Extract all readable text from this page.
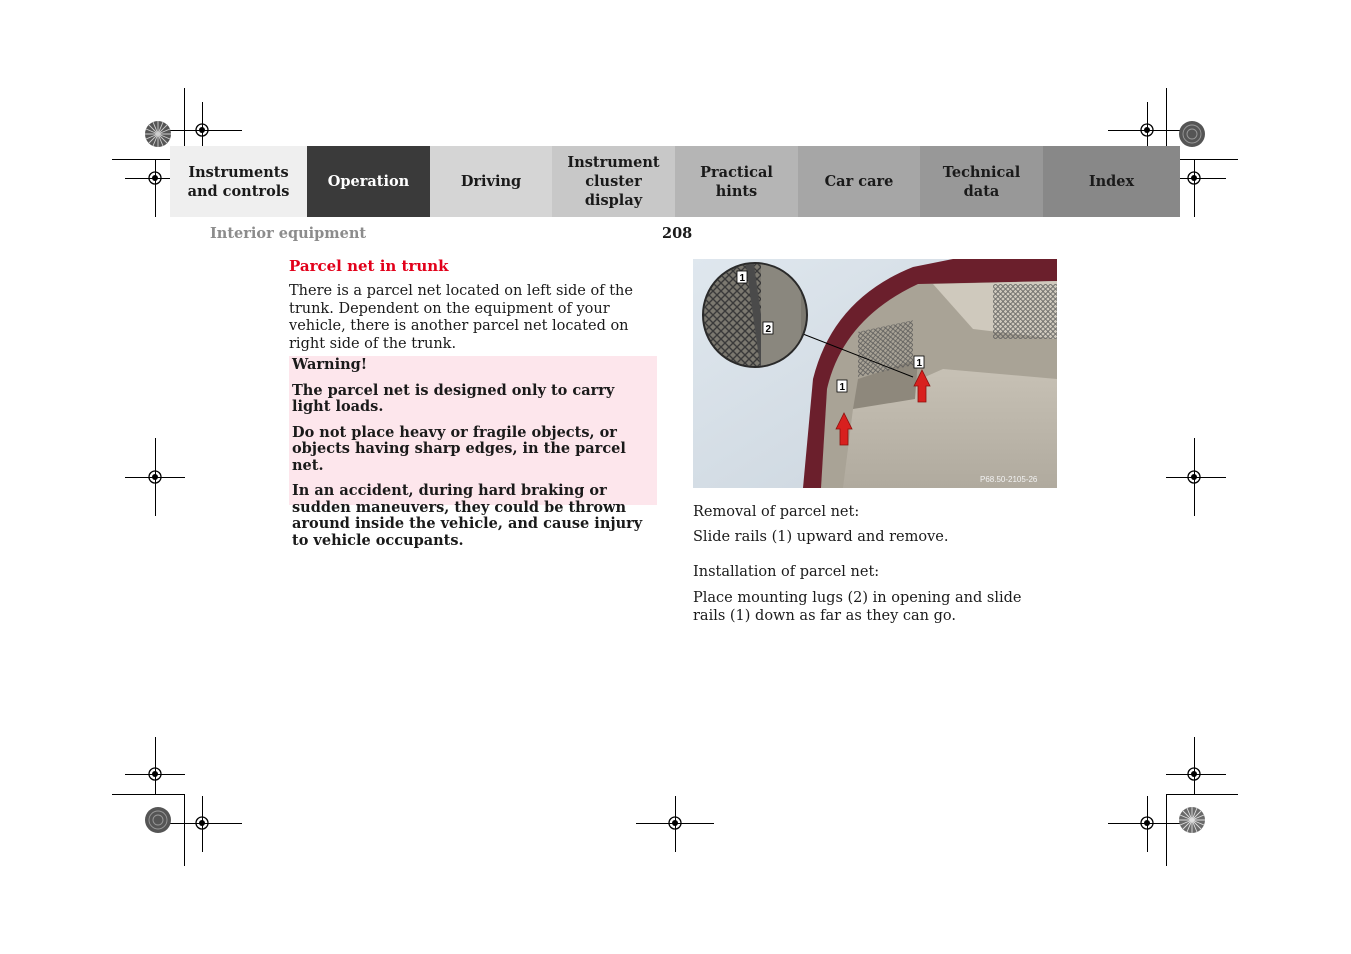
Instruments
and controls
Operation	Driving
Instrument
cluster display
Practical hints
Car care
Technical
data
Index
Interior equipment	208
Parcel net in trunk
There is a parcel net located on left side of the trunk. Dependent on the equipment of your vehicle, there is another parcel net located on right side of the trunk.

Warning!

The parcel net is designed only to carry light loads.

Do not place heavy or fragile objects, or objects having sharp edges, in the parcel net.

In an accident, during hard braking or sudden maneuvers, they could be thrown around inside the vehicle, and cause injury to vehicle occupants.

1
1
1
2
P68.50-2105-26
Removal of parcel net:
Slide rails (1) upward and remove.
Installation of parcel net:
Place mounting lugs (2) in opening and slide rails (1) down as far as they can go.
